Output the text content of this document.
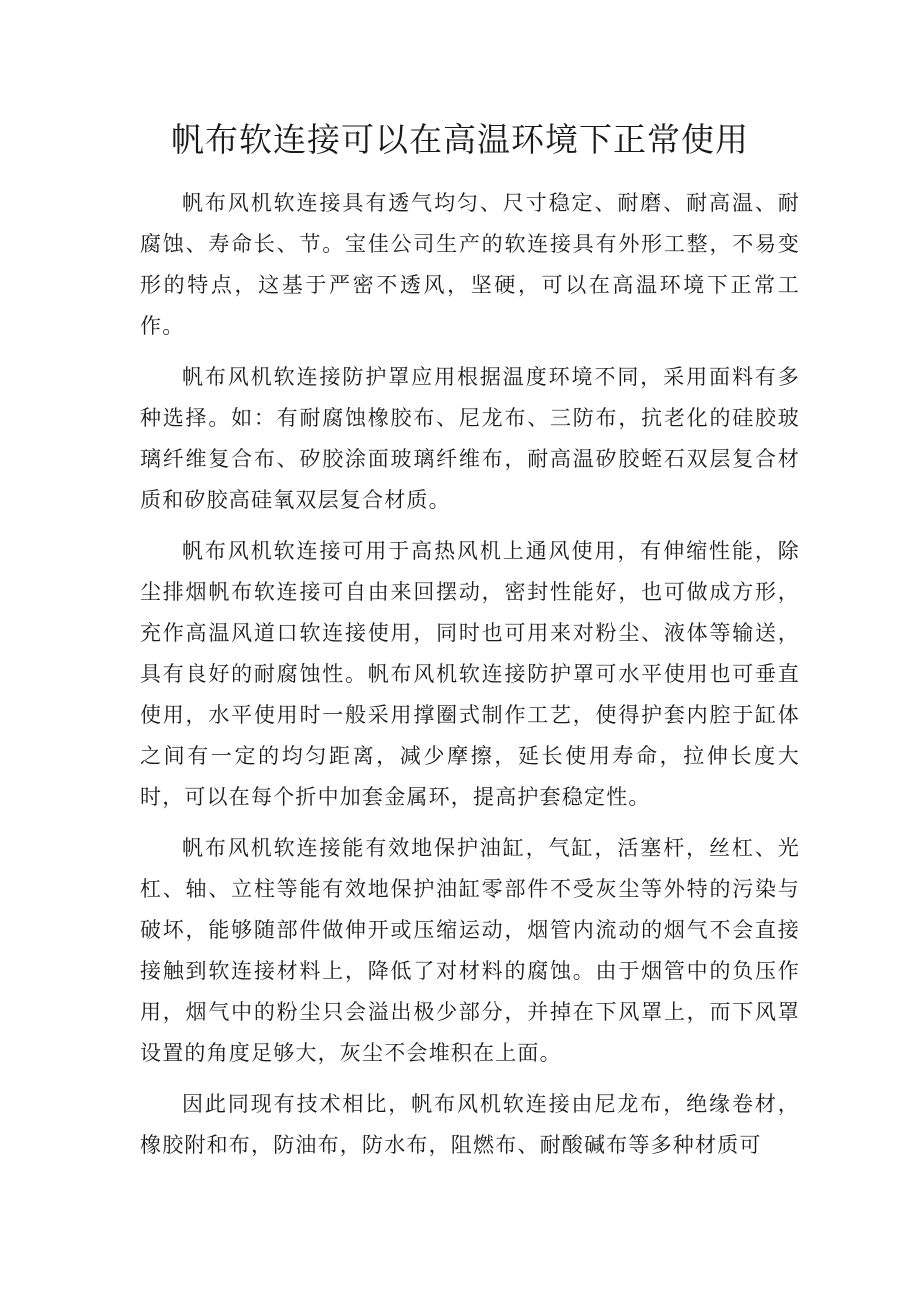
帆布软连接可以在高温环境下正常使用

帆布风机软连接具有透气均匀、尺寸稳定、耐磨、耐高温、耐腐蚀、寿命长、节。宝佳公司生产的软连接具有外形工整，不易变形的特点，这基于严密不透风，坚硬，可以在高温环境下正常工作。

帆布风机软连接防护罩应用根据温度环境不同，采用面料有多种选择。如：有耐腐蚀橡胶布、尼龙布、三防布，抗老化的硅胶玻璃纤维复合布、矽胶涂面玻璃纤维布，耐高温矽胶蛭石双层复合材质和矽胶高硅氧双层复合材质。

帆布风机软连接可用于高热风机上通风使用，有伸缩性能，除尘排烟帆布软连接可自由来回摆动，密封性能好，也可做成方形，充作高温风道口软连接使用，同时也可用来对粉尘、液体等输送，具有良好的耐腐蚀性。帆布风机软连接防护罩可水平使用也可垂直使用，水平使用时一般采用撑圈式制作工艺，使得护套内腔于缸体之间有一定的均匀距离，减少摩擦，延长使用寿命，拉伸长度大时，可以在每个折中加套金属环，提高护套稳定性。

帆布风机软连接能有效地保护油缸，气缸，活塞杆，丝杠、光杠、轴、立柱等能有效地保护油缸零部件不受灰尘等外特的污染与破坏，能够随部件做伸开或压缩运动，烟管内流动的烟气不会直接接触到软连接材料上，降低了对材料的腐蚀。由于烟管中的负压作用，烟气中的粉尘只会溢出极少部分，并掉在下风罩上，而下风罩设置的角度足够大，灰尘不会堆积在上面。

因此同现有技术相比，帆布风机软连接由尼龙布，绝缘卷材，橡胶附和布，防油布，防水布，阻燃布、耐酸碱布等多种材质可
